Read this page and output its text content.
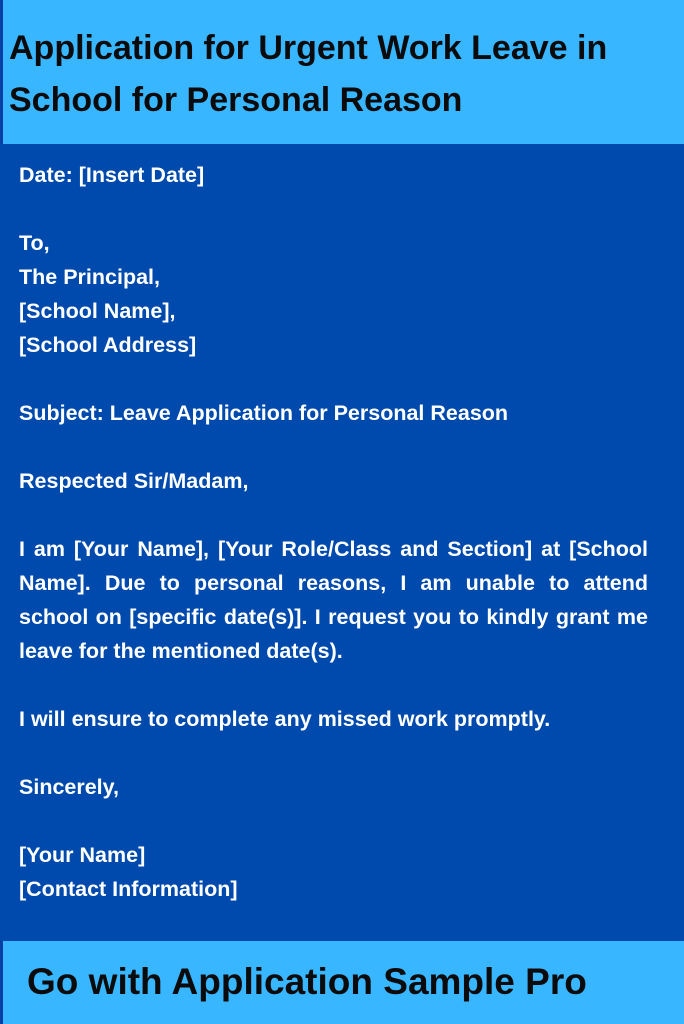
Application for Urgent Work Leave in School for Personal Reason
Date: [Insert Date]
To,
The Principal,
[School Name],
[School Address]
Subject: Leave Application for Personal Reason
Respected Sir/Madam,

I am [Your Name], [Your Role/Class and Section] at [School Name]. Due to personal reasons, I am unable to attend school on [specific date(s)]. I request you to kindly grant me leave for the mentioned date(s).

I will ensure to complete any missed work promptly.
Sincerely,
[Your Name]
[Contact Information]

Go with Application Sample Pro
